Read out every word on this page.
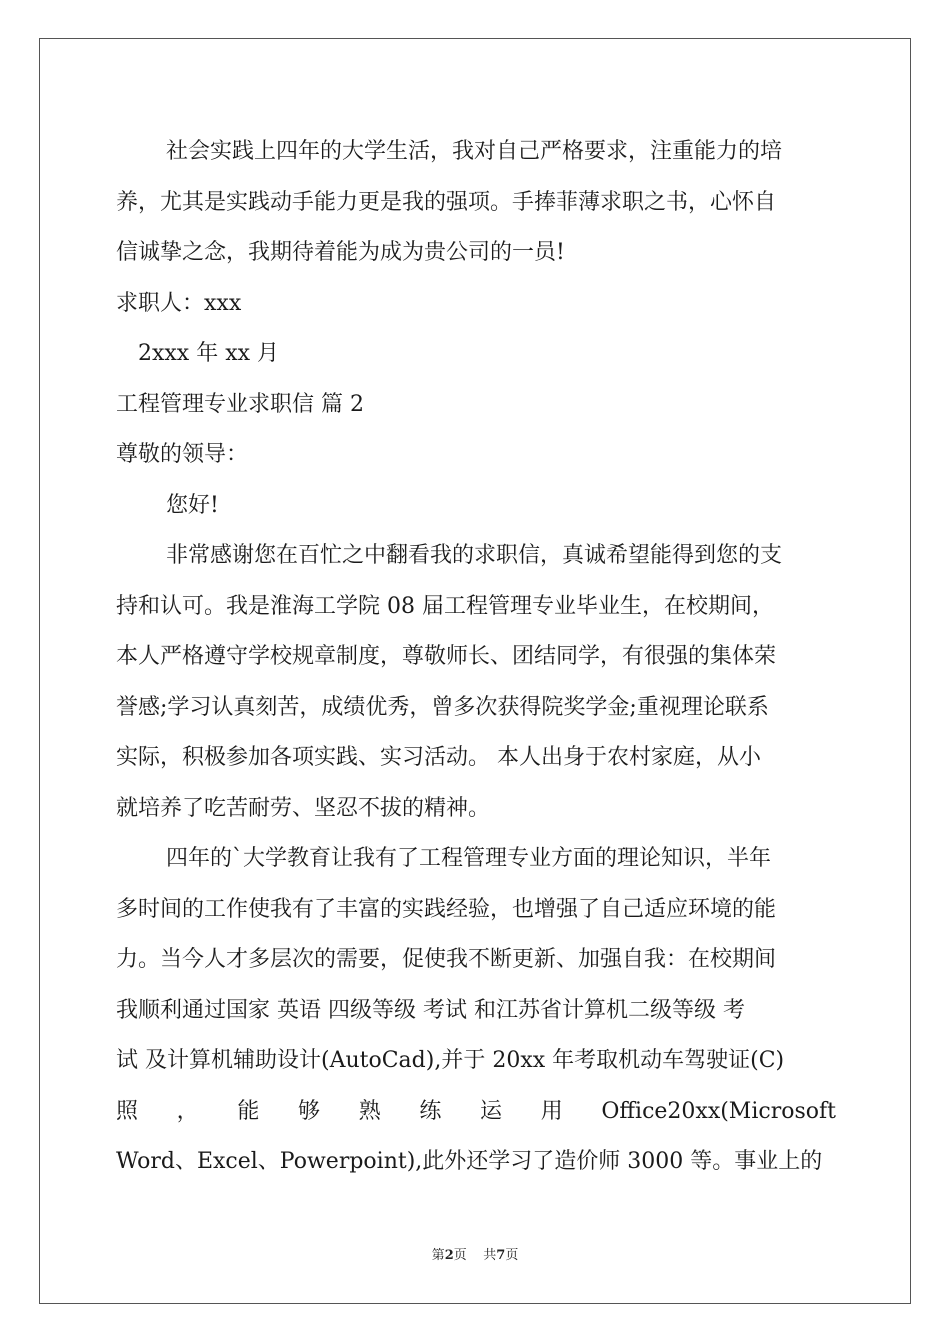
社会实践上四年的大学生活，我对自己严格要求，注重能力的培
养，尤其是实践动手能力更是我的强项。手捧菲薄求职之书，心怀自
信诚挚之念，我期待着能为成为贵公司的一员!
求职人：xxx
2xxx 年 xx 月
工程管理专业求职信 篇 2
尊敬的领导：
您好!
非常感谢您在百忙之中翻看我的求职信，真诚希望能得到您的支
持和认可。我是淮海工学院 08 届工程管理专业毕业生，在校期间，
本人严格遵守学校规章制度，尊敬师长、团结同学，有很强的集体荣
誉感;学习认真刻苦，成绩优秀，曾多次获得院奖学金;重视理论联系
实际，积极参加各项实践、实习活动。 本人出身于农村家庭，从小
就培养了吃苦耐劳、坚忍不拔的精神。
四年的`大学教育让我有了工程管理专业方面的理论知识，半年
多时间的工作使我有了丰富的实践经验，也增强了自己适应环境的能
力。当今人才多层次的需要，促使我不断更新、加强自我：在校期间
我顺利通过国家 英语 四级等级 考试 和江苏省计算机二级等级 考
试 及计算机辅助设计(AutoCad),并于 20xx 年考取机动车驾驶证(C)
照 ， 能 够 熟 练 运 用 Office20xx(Microsoft
Word、Excel、Powerpoint),此外还学习了造价师 3000 等。事业上的
第2页    共7页
